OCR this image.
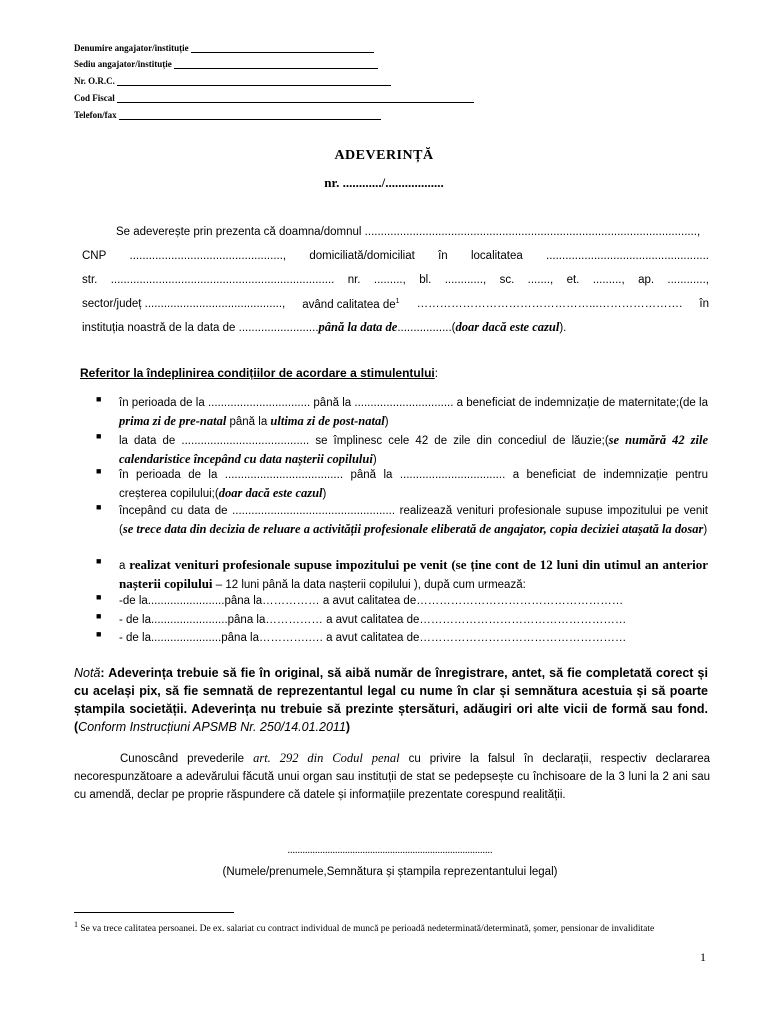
Denumire angajator/instituție
Sediu angajator/instituție
Nr. O.R.C.
Cod Fiscal
Telefon/fax
ADEVERINȚĂ
nr. ............/..................
Se adeverește prin prezenta că doamna/domnul ........................................................................................................,
CNP ................................................, domiciliată/domiciliat în localitatea ...................................................
str. ...................................................................... nr. ........., bl. ............, sc. ......., et. ........., ap. ............,
sector/județ ..........................................., având calitatea $de^1$ ………………………………………...…………………. în
instituția noastră de la data de .........................până la data de.................(doar dacă este cazul).
Referitor la îndeplinirea condițiilor de acordare a stimulentului:
■ în perioada de la ................................ până la ............................... a beneficiat de indemnizație de maternitate;(de la prima zi de pre-natal până la ultima zi de post-natal)
■ la data de ........................................ se împlinesc cele 42 de zile din concediul de lăuzie;(se numără 42 zile calendaristice începând cu data nașterii copilului)
■ în perioada de la ..................................... până la ................................. a beneficiat de indemnizație pentru creșterea copilului;(doar dacă este cazul)
■ începând cu data de ................................................... realizează venituri profesionale supuse impozitului pe venit (se trece data din decizia de reluare a activității profesionale eliberată de angajator, copia deciziei atașată la dosar)
■ a realizat venituri profesionale supuse impozitului pe venit (se ține cont de 12 luni din utimul an anterior nașterii copilului – 12 luni până la data nașterii copilului ), după cum urmează:
■ -de la........................pâna la…………… a avut calitatea de………………………………………………
■ - de la........................pâna la…………… a avut calitatea de………………………………………………
■ - de la......................pâna la………….…. a avut calitatea de………………………………………………
Notă: Adeverința trebuie să fie în original, să aibă număr de înregistrare, antet, să fie completată corect și cu același pix, să fie semnată de reprezentantul legal cu nume în clar și semnătura acestuia și să poarte ștampila societății. Adeverința nu trebuie să prezinte ștersături, adăugiri ori alte vicii de formă sau fond.(Conform Instrucțiuni APSMB Nr. 250/14.01.2011)
Cunoscând prevederile art. 292 din Codul penal cu privire la falsul în declarații, respectiv declararea necorespunzătoare a adevărului făcută unui organ sau instituții de stat se pedepsește cu închisoare de la 3 luni la 2 ani sau cu amendă, declar pe proprie răspundere că datele și informațiile prezentate corespund realității.
..................................................................................
(Numele/prenumele,Semnătura și ștampila reprezentantului legal)
$^1$ Se va trece calitatea persoanei. De ex. salariat cu contract individual de muncă pe perioadă nedeterminată/determinată, șomer, pensionar de invaliditate
1
